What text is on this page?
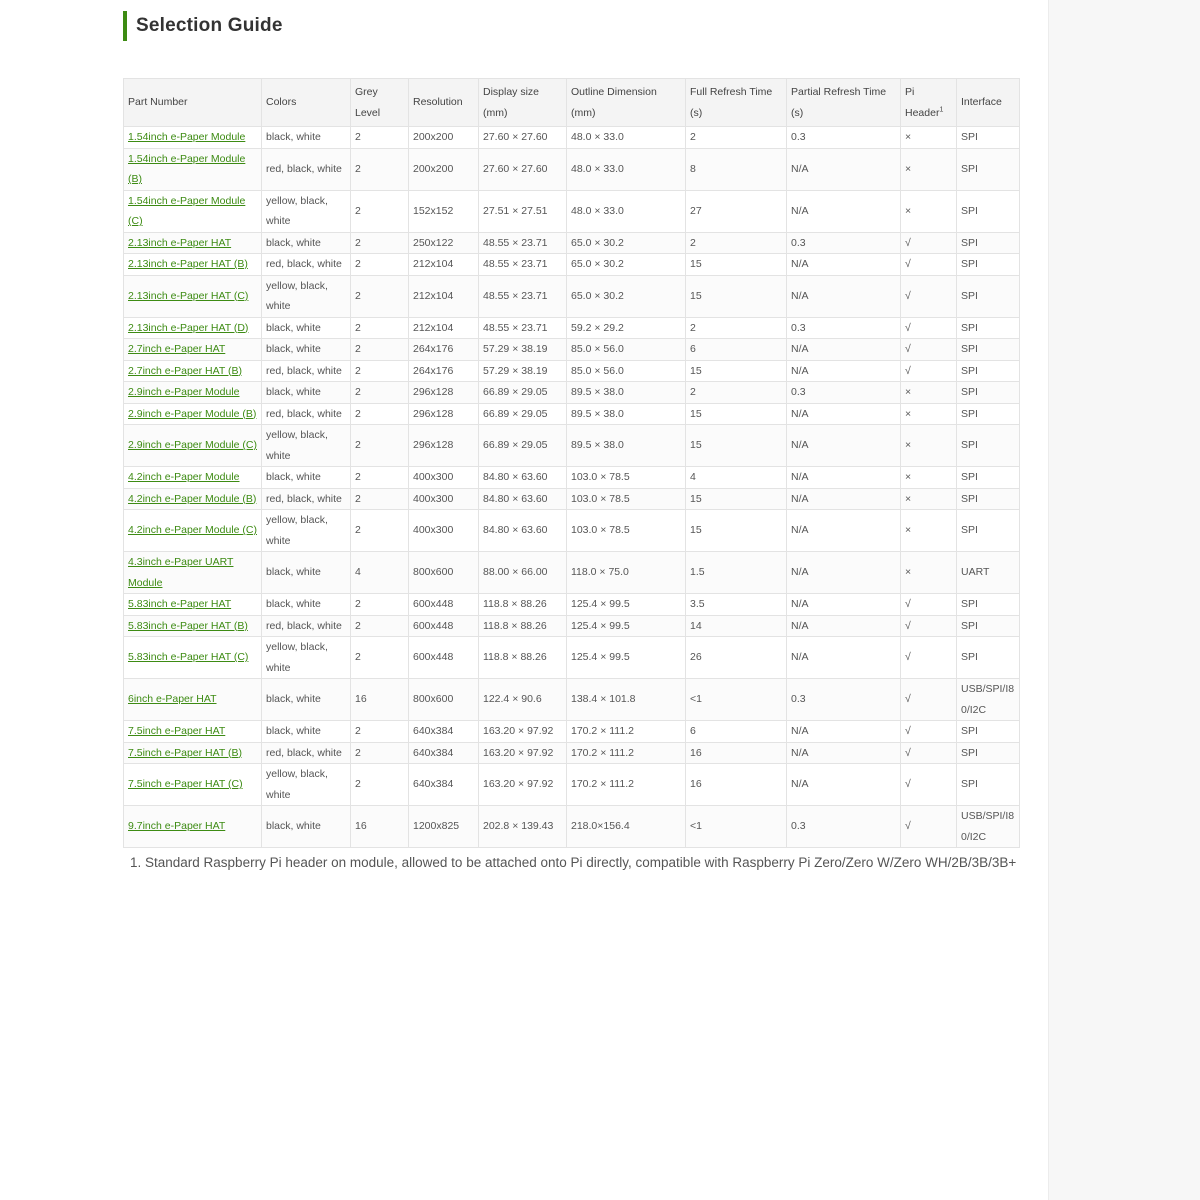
Selection Guide
Part Number	Colors	Grey Level	Resolution	Display size (mm)	Outline Dimension (mm)	Full Refresh Time (s)	Partial Refresh Time (s)	Pi Header$^1$	Interface
1.54inch e-Paper Module	black, white	2	200x200	27.60 × 27.60	48.0 × 33.0	2	0.3	×	SPI
1.54inch e-Paper Module (B)	red, black, white	2	200x200	27.60 × 27.60	48.0 × 33.0	8	N/A	×	SPI
1.54inch e-Paper Module (C)	yellow, black, white	2	152x152	27.51 × 27.51	48.0 × 33.0	27	N/A	×	SPI
2.13inch e-Paper HAT	black, white	2	250x122	48.55 × 23.71	65.0 × 30.2	2	0.3	√	SPI
2.13inch e-Paper HAT (B)	red, black, white	2	212x104	48.55 × 23.71	65.0 × 30.2	15	N/A	√	SPI
2.13inch e-Paper HAT (C)	yellow, black, white	2	212x104	48.55 × 23.71	65.0 × 30.2	15	N/A	√	SPI
2.13inch e-Paper HAT (D)	black, white	2	212x104	48.55 × 23.71	59.2 × 29.2	2	0.3	√	SPI
2.7inch e-Paper HAT	black, white	2	264x176	57.29 × 38.19	85.0 × 56.0	6	N/A	√	SPI
2.7inch e-Paper HAT (B)	red, black, white	2	264x176	57.29 × 38.19	85.0 × 56.0	15	N/A	√	SPI
2.9inch e-Paper Module	black, white	2	296x128	66.89 × 29.05	89.5 × 38.0	2	0.3	×	SPI
2.9inch e-Paper Module (B)	red, black, white	2	296x128	66.89 × 29.05	89.5 × 38.0	15	N/A	×	SPI
2.9inch e-Paper Module (C)	yellow, black, white	2	296x128	66.89 × 29.05	89.5 × 38.0	15	N/A	×	SPI
4.2inch e-Paper Module	black, white	2	400x300	84.80 × 63.60	103.0 × 78.5	4	N/A	×	SPI
4.2inch e-Paper Module (B)	red, black, white	2	400x300	84.80 × 63.60	103.0 × 78.5	15	N/A	×	SPI
4.2inch e-Paper Module (C)	yellow, black, white	2	400x300	84.80 × 63.60	103.0 × 78.5	15	N/A	×	SPI
4.3inch e-Paper UART Module	black, white	4	800x600	88.00 × 66.00	118.0 × 75.0	1.5	N/A	×	UART
5.83inch e-Paper HAT	black, white	2	600x448	118.8 × 88.26	125.4 × 99.5	3.5	N/A	√	SPI
5.83inch e-Paper HAT (B)	red, black, white	2	600x448	118.8 × 88.26	125.4 × 99.5	14	N/A	√	SPI
5.83inch e-Paper HAT (C)	yellow, black, white	2	600x448	118.8 × 88.26	125.4 × 99.5	26	N/A	√	SPI
6inch e-Paper HAT	black, white	16	800x600	122.4 × 90.6	138.4 × 101.8	<1	0.3	√	USB/SPI/I80/I2C
7.5inch e-Paper HAT	black, white	2	640x384	163.20 × 97.92	170.2 × 111.2	6	N/A	√	SPI
7.5inch e-Paper HAT (B)	red, black, white	2	640x384	163.20 × 97.92	170.2 × 111.2	16	N/A	√	SPI
7.5inch e-Paper HAT (C)	yellow, black, white	2	640x384	163.20 × 97.92	170.2 × 111.2	16	N/A	√	SPI
9.7inch e-Paper HAT	black, white	16	1200x825	202.8 × 139.43	218.0×156.4	<1	0.3	√	USB/SPI/I80/I2C
1. Standard Raspberry Pi header on module, allowed to be attached onto Pi directly, compatible with Raspberry Pi Zero/Zero W/Zero WH/2B/3B/3B+
